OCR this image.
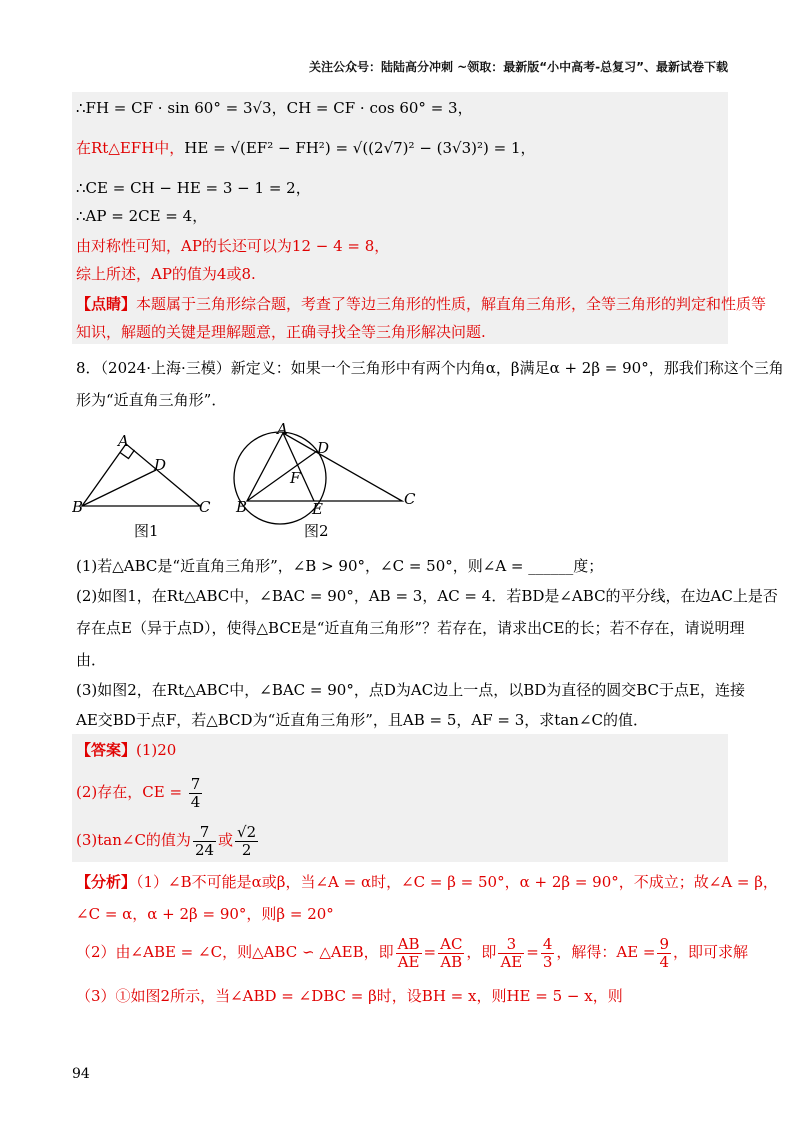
关注公众号：陆陆高分冲刺 ~领取：最新版“小中高考-总复习”、最新试卷下载
∴FH = CF · sin 60° = 3√3，CH = CF · cos 60° = 3，
在Rt△EFH中，HE = √(EF² − FH²) = √((2√7)² − (3√3)²) = 1，
∴CE = CH − HE = 3 − 1 = 2，
∴AP = 2CE = 4，
由对称性可知，AP的长还可以为12 − 4 = 8，
综上所述，AP的值为4或8.
【点睛】本题属于三角形综合题，考查了等边三角形的性质，解直角三角形，全等三角形的判定和性质等
知识，解题的关键是理解题意，正确寻找全等三角形解决问题.
8．（2024·上海·三模）新定义：如果一个三角形中有两个内角α，β满足α + 2β = 90°，那我们称这个三角
形为“近直角三角形”．
A
D
B	C
图1
A
D
F
B	E
C
图2
(1)若△ABC是“近直角三角形”，∠B > 90°，∠C = 50°，则∠A = ______度；
(2)如图1，在Rt△ABC中，∠BAC = 90°，AB = 3，AC = 4．若BD是∠ABC的平分线，在边AC上是否
存在点E（异于点D），使得△BCE是“近直角三角形”？若存在，请求出CE的长；若不存在，请说明理
由．
(3)如图2，在Rt△ABC中，∠BAC = 90°，点D为AC边上一点，以BD为直径的圆交BC于点E，连接
AE交BD于点F，若△BCD为“近直角三角形”，且AB = 5，AF = 3，求tan∠C的值．
【答案】(1)20
(2)存在，CE = $\frac{7}{4}$
(3)tan∠C的值为 $\frac{7}{24}$ 或 $\frac{√2}{2}$
【分析】（1）∠B不可能是α或β，当∠A = α时，∠C = β = 50°，α + 2β = 90°，不成立；故∠A = β，
∠C = α，α + 2β = 90°，则β = 20°
（2）由∠ABE = ∠C，则△ABC ∽ △AEB，即 $\frac{AB}{AE} = \frac{AC}{AB}$ ，即 $\frac{3}{AE} = \frac{4}{3}$ ，解得：AE = $\frac{9}{4}$ ，即可求解
（3）①如图2所示，当∠ABD = ∠DBC = β时，设BH = x，则HE = 5 − x，则
94
